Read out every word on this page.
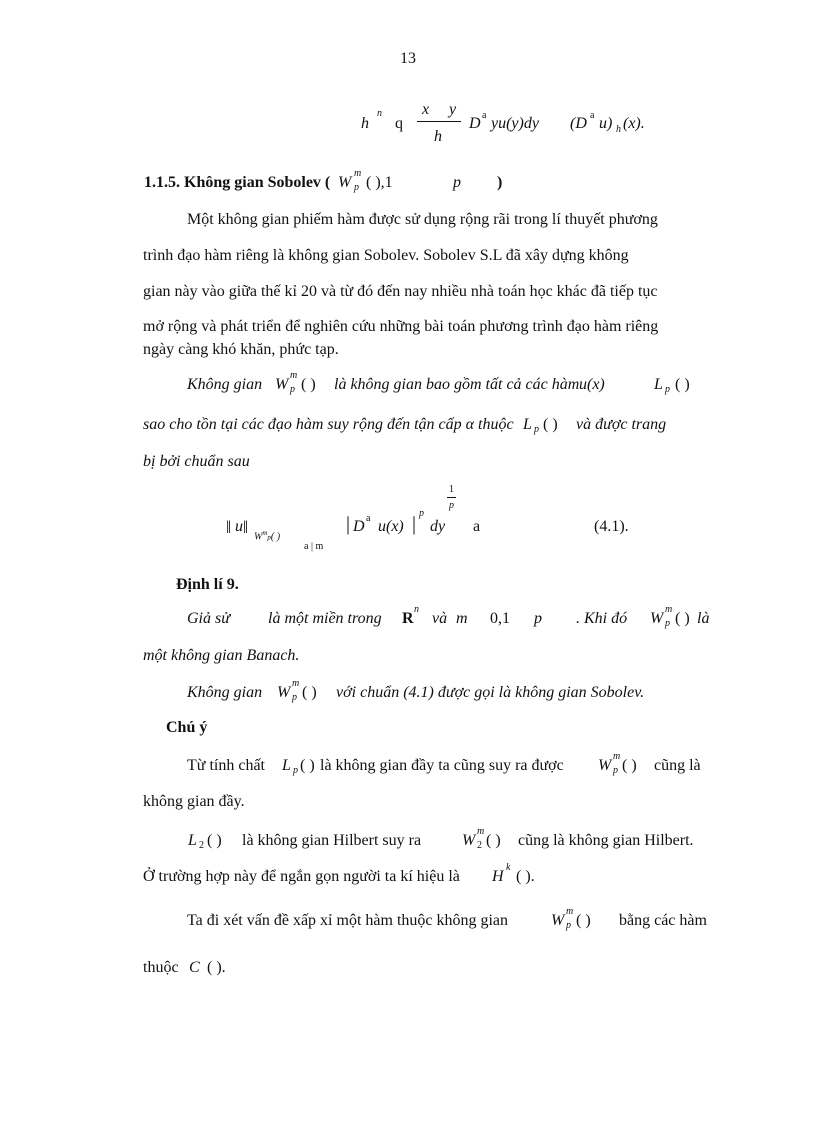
13
h
n
q
x y
h
D a yu(y)dy (D a u) h (x).
1.1.5. Không gian Sobolev ( W
m
p ( ),1	p )
Một không gian phiếm hàm được sử dụng rộng rãi trong lí thuyết phương
trình đạo hàm riêng là không gian Sobolev. Sobolev S.L đã xây dựng không
gian này vào giữa thế kỉ 20 và từ đó đến nay nhiều nhà toán học khác đã tiếp tục
mở rộng và phát triển để nghiên cứu những bài toán phương trình đạo hàm riêng
ngày càng khó khăn, phức tạp.
Không gian W
m
p ( ) là không gian bao gồm tất cả các hàm u(x)	L p ( )
sao cho tồn tại các đạo hàm suy rộng đến tận cấp α thuộc L p ( ) và được trang
bị bởi chuẩn sau
‖ u ‖ $W^mp$( )
a | m
| D a u(x) | p
dy
1
p
a	(4.1).
Định lí 9.
Giả sử là một miền trong R
n
và m 0,1 p . Khi đó W
m
p ( ) là
một không gian Banach.
Không gian W
m
p ( ) với chuẩn (4.1) được gọi là không gian Sobolev.
Chú ý
Từ tính chất L p ( ) là không gian đầy ta cũng suy ra được W
m
p ( ) cũng là
không gian đầy.
L 2 ( ) là không gian Hilbert suy ra	W
m
2 ( ) cũng là không gian Hilbert.
Ở trường hợp này để ngắn gọn người ta kí hiệu là H
k
( ).
Ta đi xét vấn đề xấp xỉ một hàm thuộc không gian	W
m
p ( ) bằng các hàm
thuộc C ( ).
